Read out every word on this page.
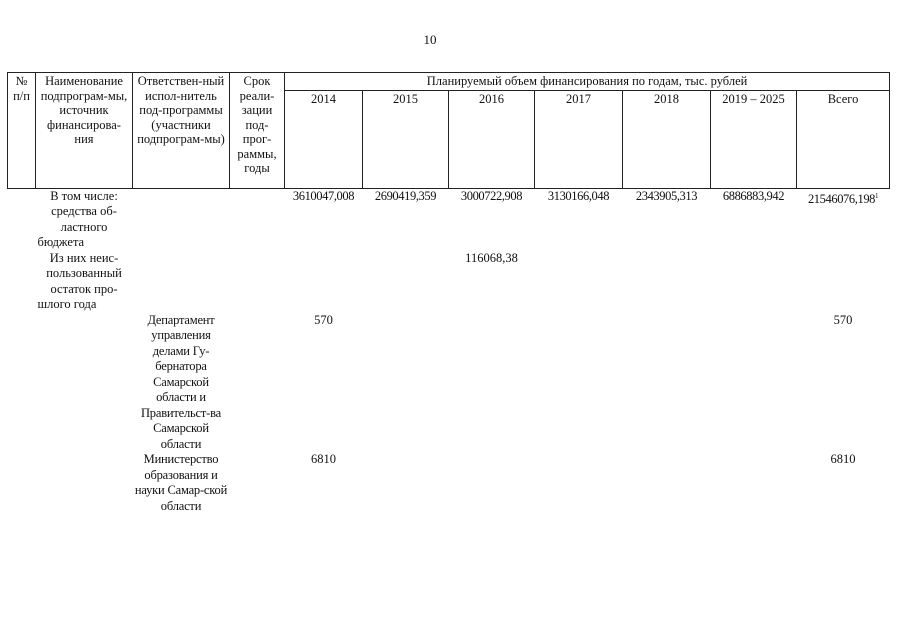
10
№ п/п	Наименование подпрограм-мы, источник финансирова-ния	Ответствен-ный испол-нитель под-программы (участники подпрограм-мы)	Срок реали-зации под-прог-раммы, годы	Планируемый объем финансирования по годам, тыс. рублей						
				2014	2015	2016	2017	2018	2019 – 2025	Всего
	В том числе: средства об-ластного бюджета			3610047,008	2690419,359	3000722,908	3130166,048	2343905,313	6886883,942	21546076,198$^1$
	Из них неис-пользованный остаток про-шлого года					116068,38				
		Департамент управления делами Гу-бернатора Самарской области и Правительст-ва Самарской области		570						570
		Министерство образования и науки Самар-ской области		6810						6810
